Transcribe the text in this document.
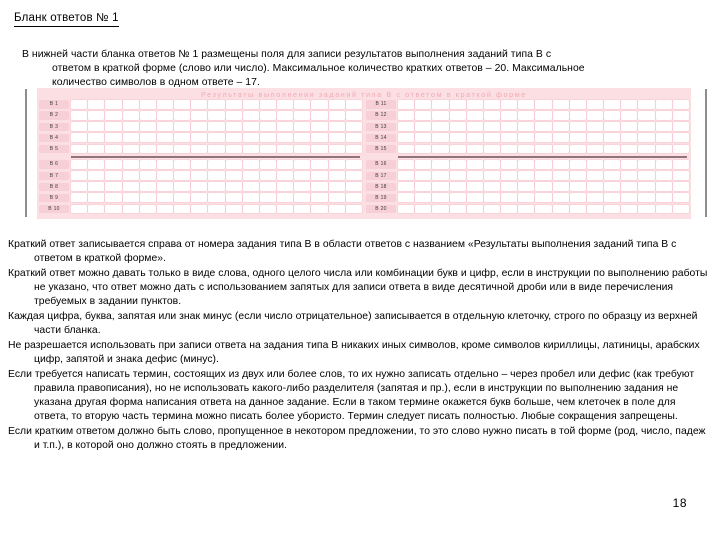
Бланк ответов № 1
В нижней части бланка ответов № 1 размещены поля для записи результатов выполнения заданий типа В с
ответом в краткой форме (слово или число). Максимальное количество кратких ответов – 20. Максимальное
количество символов в одном ответе – 17.
Результаты выполнения заданий типа В с ответом в краткой форме
В 1
В 2
В 3
В 4
В 5
В 6
В 7
В 8
В 9
В 10
В 11
В 12
В 13
В 14
В 15
В 16
В 17
В 18
В 19
В 20

Краткий ответ записывается справа от номера задания типа В в области ответов с названием «Результаты выполнения заданий типа В с ответом в краткой форме».

Краткий ответ можно давать только в виде слова, одного целого числа или комбинации букв и цифр, если в инструкции по выполнению работы не указано, что ответ можно дать с использованием запятых для записи ответа в виде десятичной дроби или в виде перечисления требуемых в задании пунктов.

Каждая цифра, буква, запятая или знак минус (если число отрицательное) записывается в отдельную клеточку, строго по образцу из верхней части бланка.

Не разрешается использовать при записи ответа на задания типа В никаких иных символов, кроме символов кириллицы, латиницы, арабских цифр, запятой и знака дефис (минус).

Если требуется написать термин, состоящих из двух или более слов, то их нужно записать отдельно – через пробел или дефис (как требуют правила правописания), но не использовать какого-либо разделителя (запятая и пр.), если в инструкции по выполнению задания не указана другая форма написания ответа на данное задание. Если в таком термине окажется букв больше, чем клеточек в поле для ответа, то вторую часть термина можно писать более убористо. Термин следует писать полностью. Любые сокращения запрещены.

Если кратким ответом должно быть слово, пропущенное в некотором предложении, то это слово нужно писать в той форме (род, число, падеж и т.п.), в которой оно должно стоять в предложении.

18
